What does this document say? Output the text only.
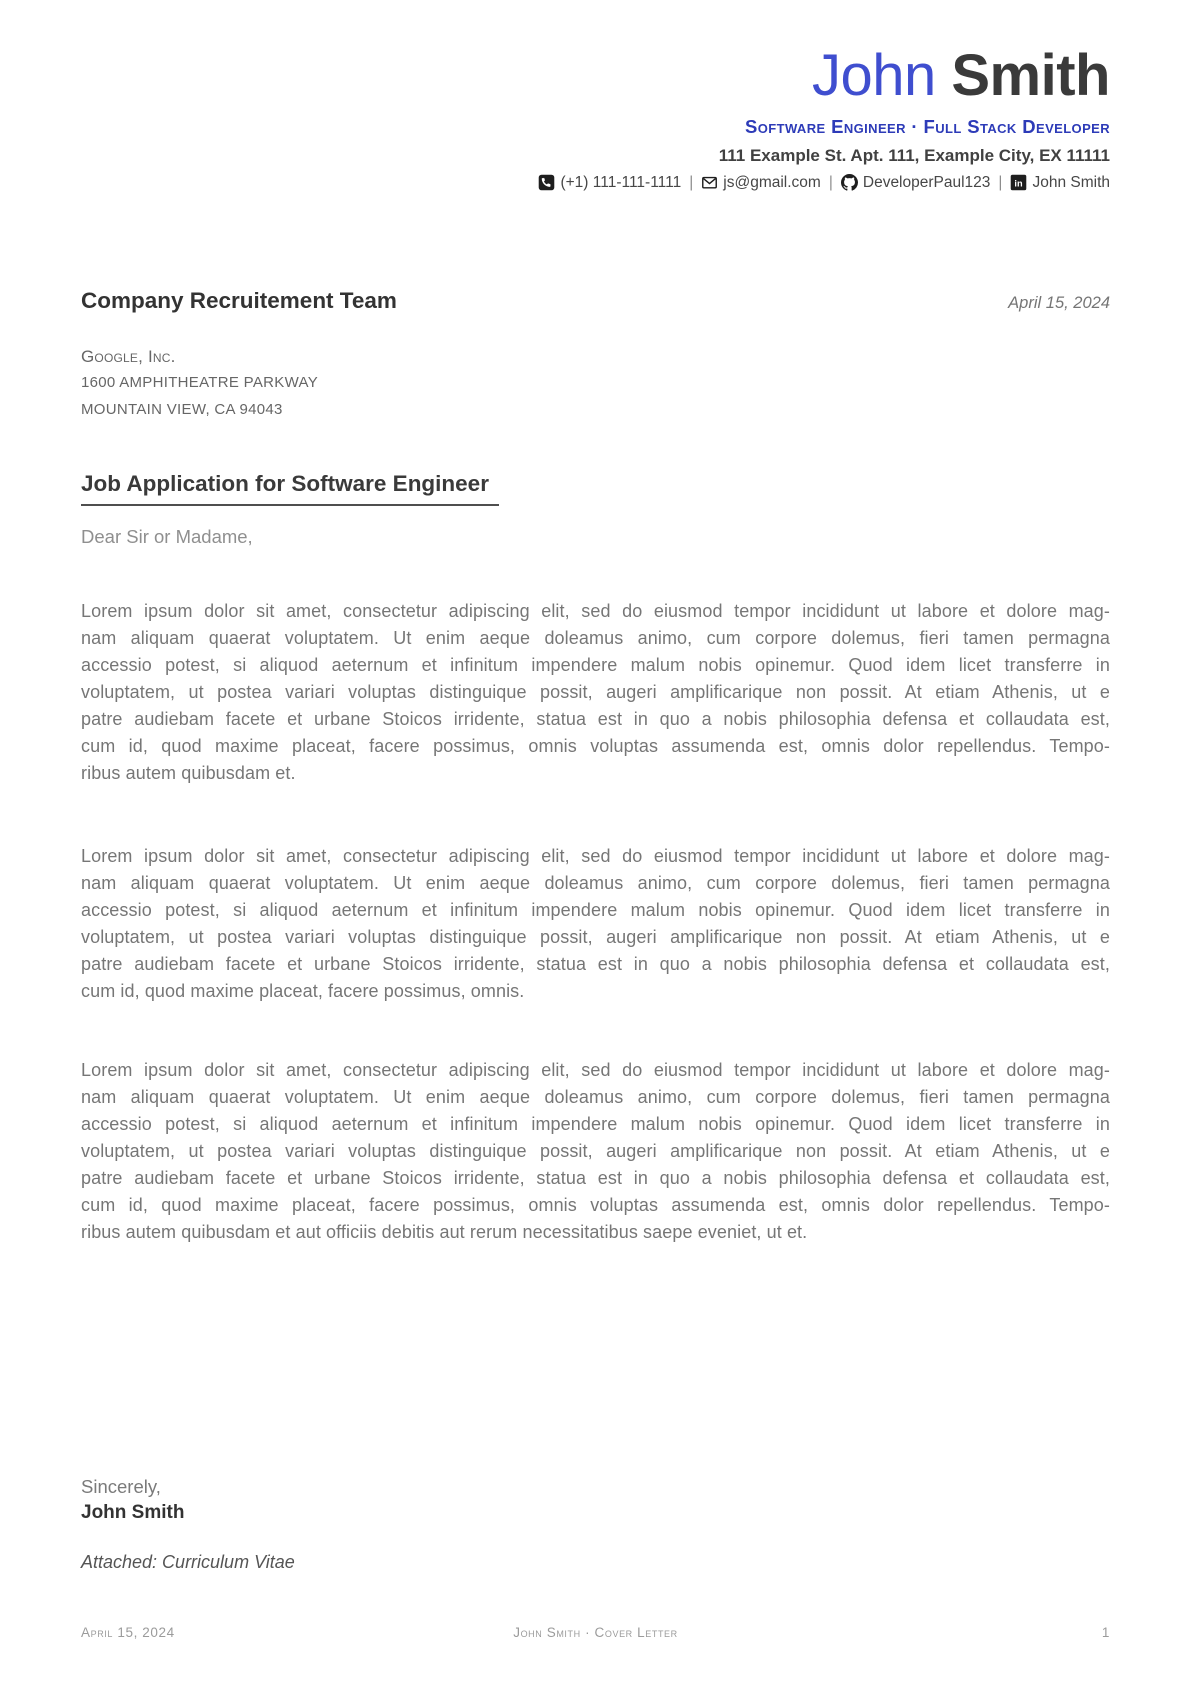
John Smith
Software Engineer · Full Stack Developer
111 Example St. Apt. 111, Example City, EX 11111
(+1) 111-111-1111 | js@gmail.com | DeveloperPaul123 | in John Smith
Company Recruitement Team	April 15, 2024
Google, Inc.
1600 AMPHITHEATRE PARKWAY
MOUNTAIN VIEW, CA 94043
Job Application for Software Engineer
Dear Sir or Madame,
Lorem ipsum dolor sit amet, consectetur adipiscing elit, sed do eiusmod tempor incididunt ut labore et dolore mag-
nam aliquam quaerat voluptatem. Ut enim aeque doleamus animo, cum corpore dolemus, fieri tamen permagna
accessio potest, si aliquod aeternum et infinitum impendere malum nobis opinemur. Quod idem licet transferre in
voluptatem, ut postea variari voluptas distinguique possit, augeri amplificarique non possit. At etiam Athenis, ut e
patre audiebam facete et urbane Stoicos irridente, statua est in quo a nobis philosophia defensa et collaudata est,
cum id, quod maxime placeat, facere possimus, omnis voluptas assumenda est, omnis dolor repellendus. Tempo-
ribus autem quibusdam et.
Lorem ipsum dolor sit amet, consectetur adipiscing elit, sed do eiusmod tempor incididunt ut labore et dolore mag-
nam aliquam quaerat voluptatem. Ut enim aeque doleamus animo, cum corpore dolemus, fieri tamen permagna
accessio potest, si aliquod aeternum et infinitum impendere malum nobis opinemur. Quod idem licet transferre in
voluptatem, ut postea variari voluptas distinguique possit, augeri amplificarique non possit. At etiam Athenis, ut e
patre audiebam facete et urbane Stoicos irridente, statua est in quo a nobis philosophia defensa et collaudata est,
cum id, quod maxime placeat, facere possimus, omnis.
Lorem ipsum dolor sit amet, consectetur adipiscing elit, sed do eiusmod tempor incididunt ut labore et dolore mag-
nam aliquam quaerat voluptatem. Ut enim aeque doleamus animo, cum corpore dolemus, fieri tamen permagna
accessio potest, si aliquod aeternum et infinitum impendere malum nobis opinemur. Quod idem licet transferre in
voluptatem, ut postea variari voluptas distinguique possit, augeri amplificarique non possit. At etiam Athenis, ut e
patre audiebam facete et urbane Stoicos irridente, statua est in quo a nobis philosophia defensa et collaudata est,
cum id, quod maxime placeat, facere possimus, omnis voluptas assumenda est, omnis dolor repellendus. Tempo-
ribus autem quibusdam et aut officiis debitis aut rerum necessitatibus saepe eveniet, ut et.
Sincerely,
John Smith
Attached: Curriculum Vitae
April 15, 2024	John Smith · Cover Letter	1
